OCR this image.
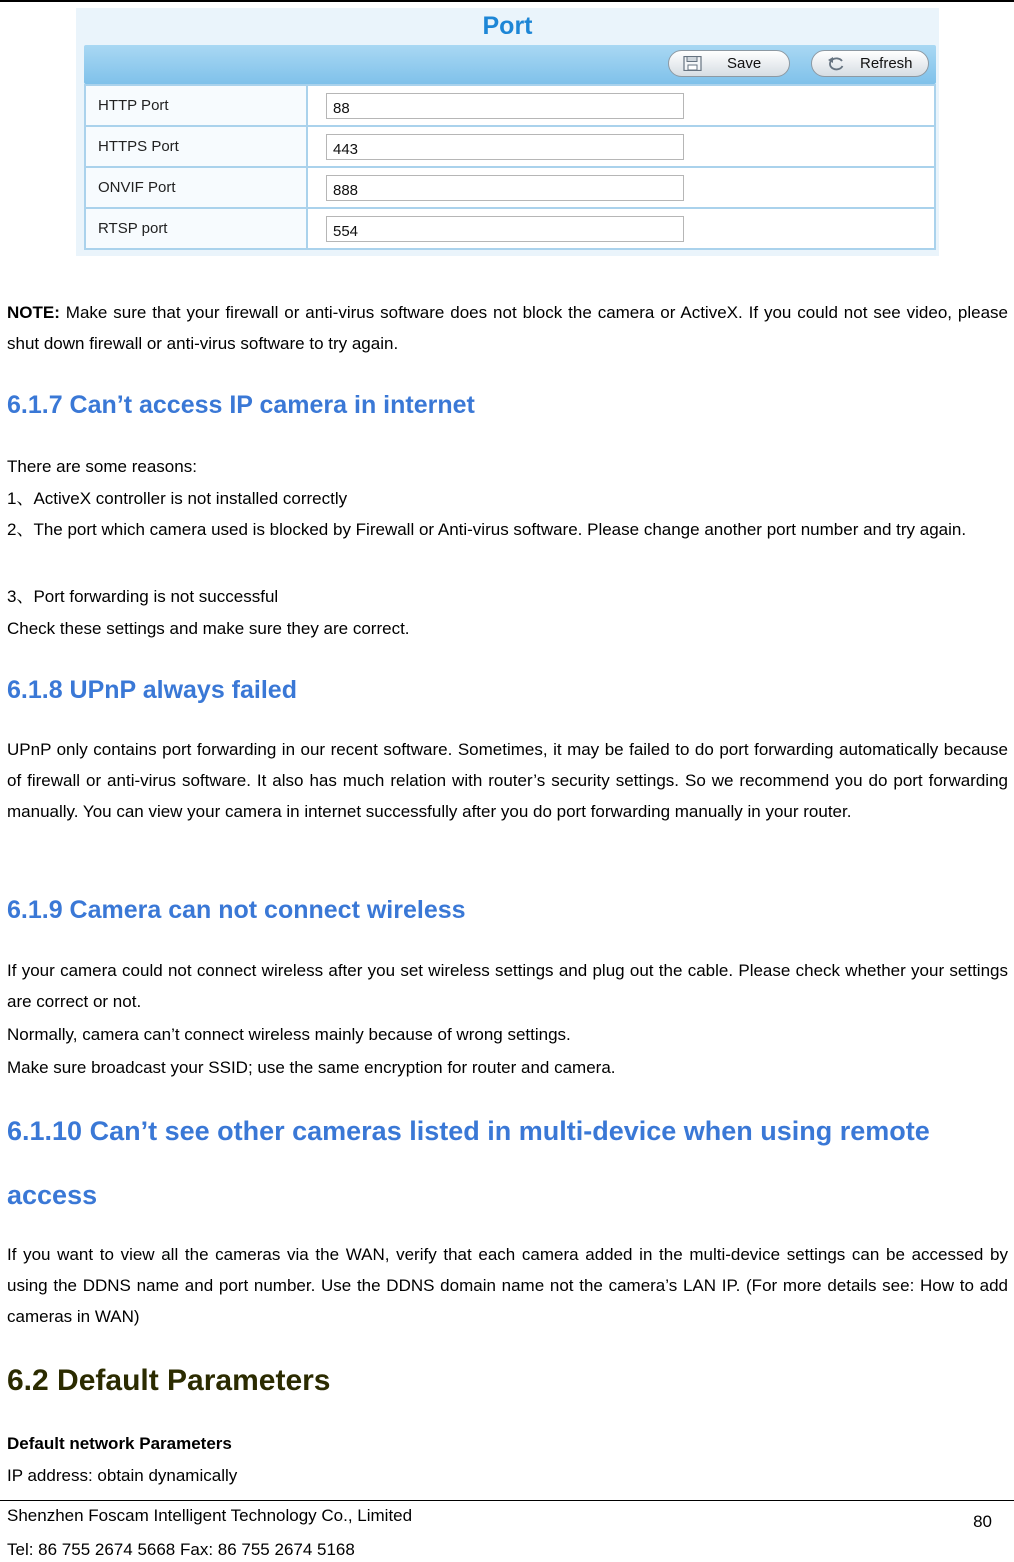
Port
Save	Refresh
HTTP Port	88

HTTPS Port	443

ONVIF Port	888

RTSP port	554

NOTE: Make sure that your firewall or anti-virus software does not block the camera or ActiveX. If you could not see video, please shut down firewall or anti-virus software to try again.

6.1.7 Can’t access IP camera in internet
There are some reasons:
1、ActiveX controller is not installed correctly

2、The port which camera used is blocked by Firewall or Anti-virus software. Please change another port number and try again.

3、Port forwarding is not successful
Check these settings and make sure they are correct.
6.1.8 UPnP always failed

UPnP only contains port forwarding in our recent software. Sometimes, it may be failed to do port forwarding automatically because of firewall or anti-virus software. It also has much relation with router’s security settings. So we recommend you do port forwarding manually. You can view your camera in internet successfully after you do port forwarding manually in your router.

6.1.9 Camera can not connect wireless

If your camera could not connect wireless after you set wireless settings and plug out the cable. Please check whether your settings are correct or not.

Normally, camera can’t connect wireless mainly because of wrong settings.
Make sure broadcast your SSID; use the same encryption for router and camera.
6.1.10 Can’t see other cameras listed in multi-device when using remote
access

If you want to view all the cameras via the WAN, verify that each camera added in the multi-device settings can be accessed by using the DDNS name and port number. Use the DDNS domain name not the camera’s LAN IP. (For more details see: How to add cameras in WAN)

6.2 Default Parameters
Default network Parameters
IP address: obtain dynamically
Shenzhen Foscam Intelligent Technology Co., Limited
Tel: 86 755 2674 5668 Fax: 86 755 2674 5168
80
